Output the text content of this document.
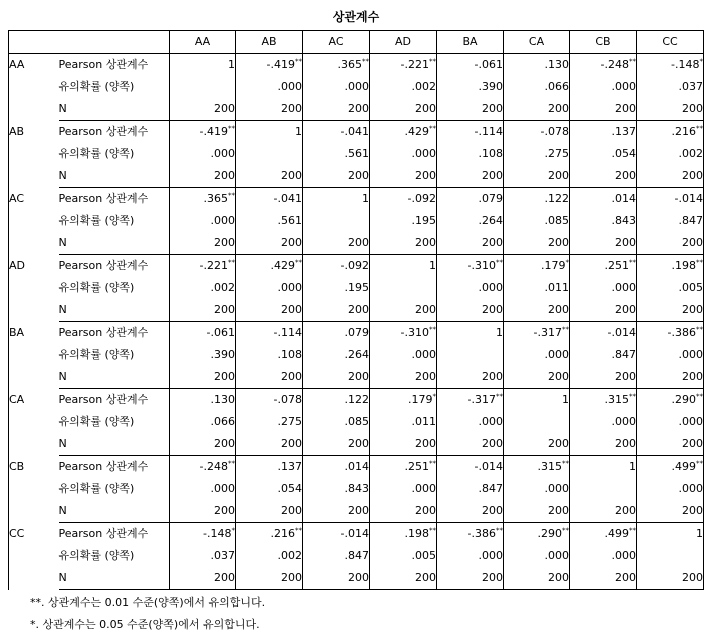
상관계수
		AA	AB	AC	AD	BA	CA	CB	CC
AA	Pearson 상관계수	1	-.419**	.365**	-.221**	-.061	.130	-.248**	-.148*
	유의확률 (양쪽)		.000	.000	.002	.390	.066	.000	.037
	N	200	200	200	200	200	200	200	200
AB	Pearson 상관계수	-.419**	1	-.041	.429**	-.114	-.078	.137	.216**
	유의확률 (양쪽)	.000		.561	.000	.108	.275	.054	.002
	N	200	200	200	200	200	200	200	200
AC	Pearson 상관계수	.365**	-.041	1	-.092	.079	.122	.014	-.014
	유의확률 (양쪽)	.000	.561		.195	.264	.085	.843	.847
	N	200	200	200	200	200	200	200	200
AD	Pearson 상관계수	-.221**	.429**	-.092	1	-.310**	.179*	.251**	.198**
	유의확률 (양쪽)	.002	.000	.195		.000	.011	.000	.005
	N	200	200	200	200	200	200	200	200
BA	Pearson 상관계수	-.061	-.114	.079	-.310**	1	-.317**	-.014	-.386**
	유의확률 (양쪽)	.390	.108	.264	.000		.000	.847	.000
	N	200	200	200	200	200	200	200	200
CA	Pearson 상관계수	.130	-.078	.122	.179*	-.317**	1	.315**	.290**
	유의확률 (양쪽)	.066	.275	.085	.011	.000		.000	.000
	N	200	200	200	200	200	200	200	200
CB	Pearson 상관계수	-.248**	.137	.014	.251**	-.014	.315**	1	.499**
	유의확률 (양쪽)	.000	.054	.843	.000	.847	.000		.000
	N	200	200	200	200	200	200	200	200
CC	Pearson 상관계수	-.148*	.216**	-.014	.198**	-.386**	.290**	.499**	1
	유의확률 (양쪽)	.037	.002	.847	.005	.000	.000	.000	
	N	200	200	200	200	200	200	200	200
**. 상관계수는 0.01 수준(양쪽)에서 유의합니다.
*. 상관계수는 0.05 수준(양쪽)에서 유의합니다.
